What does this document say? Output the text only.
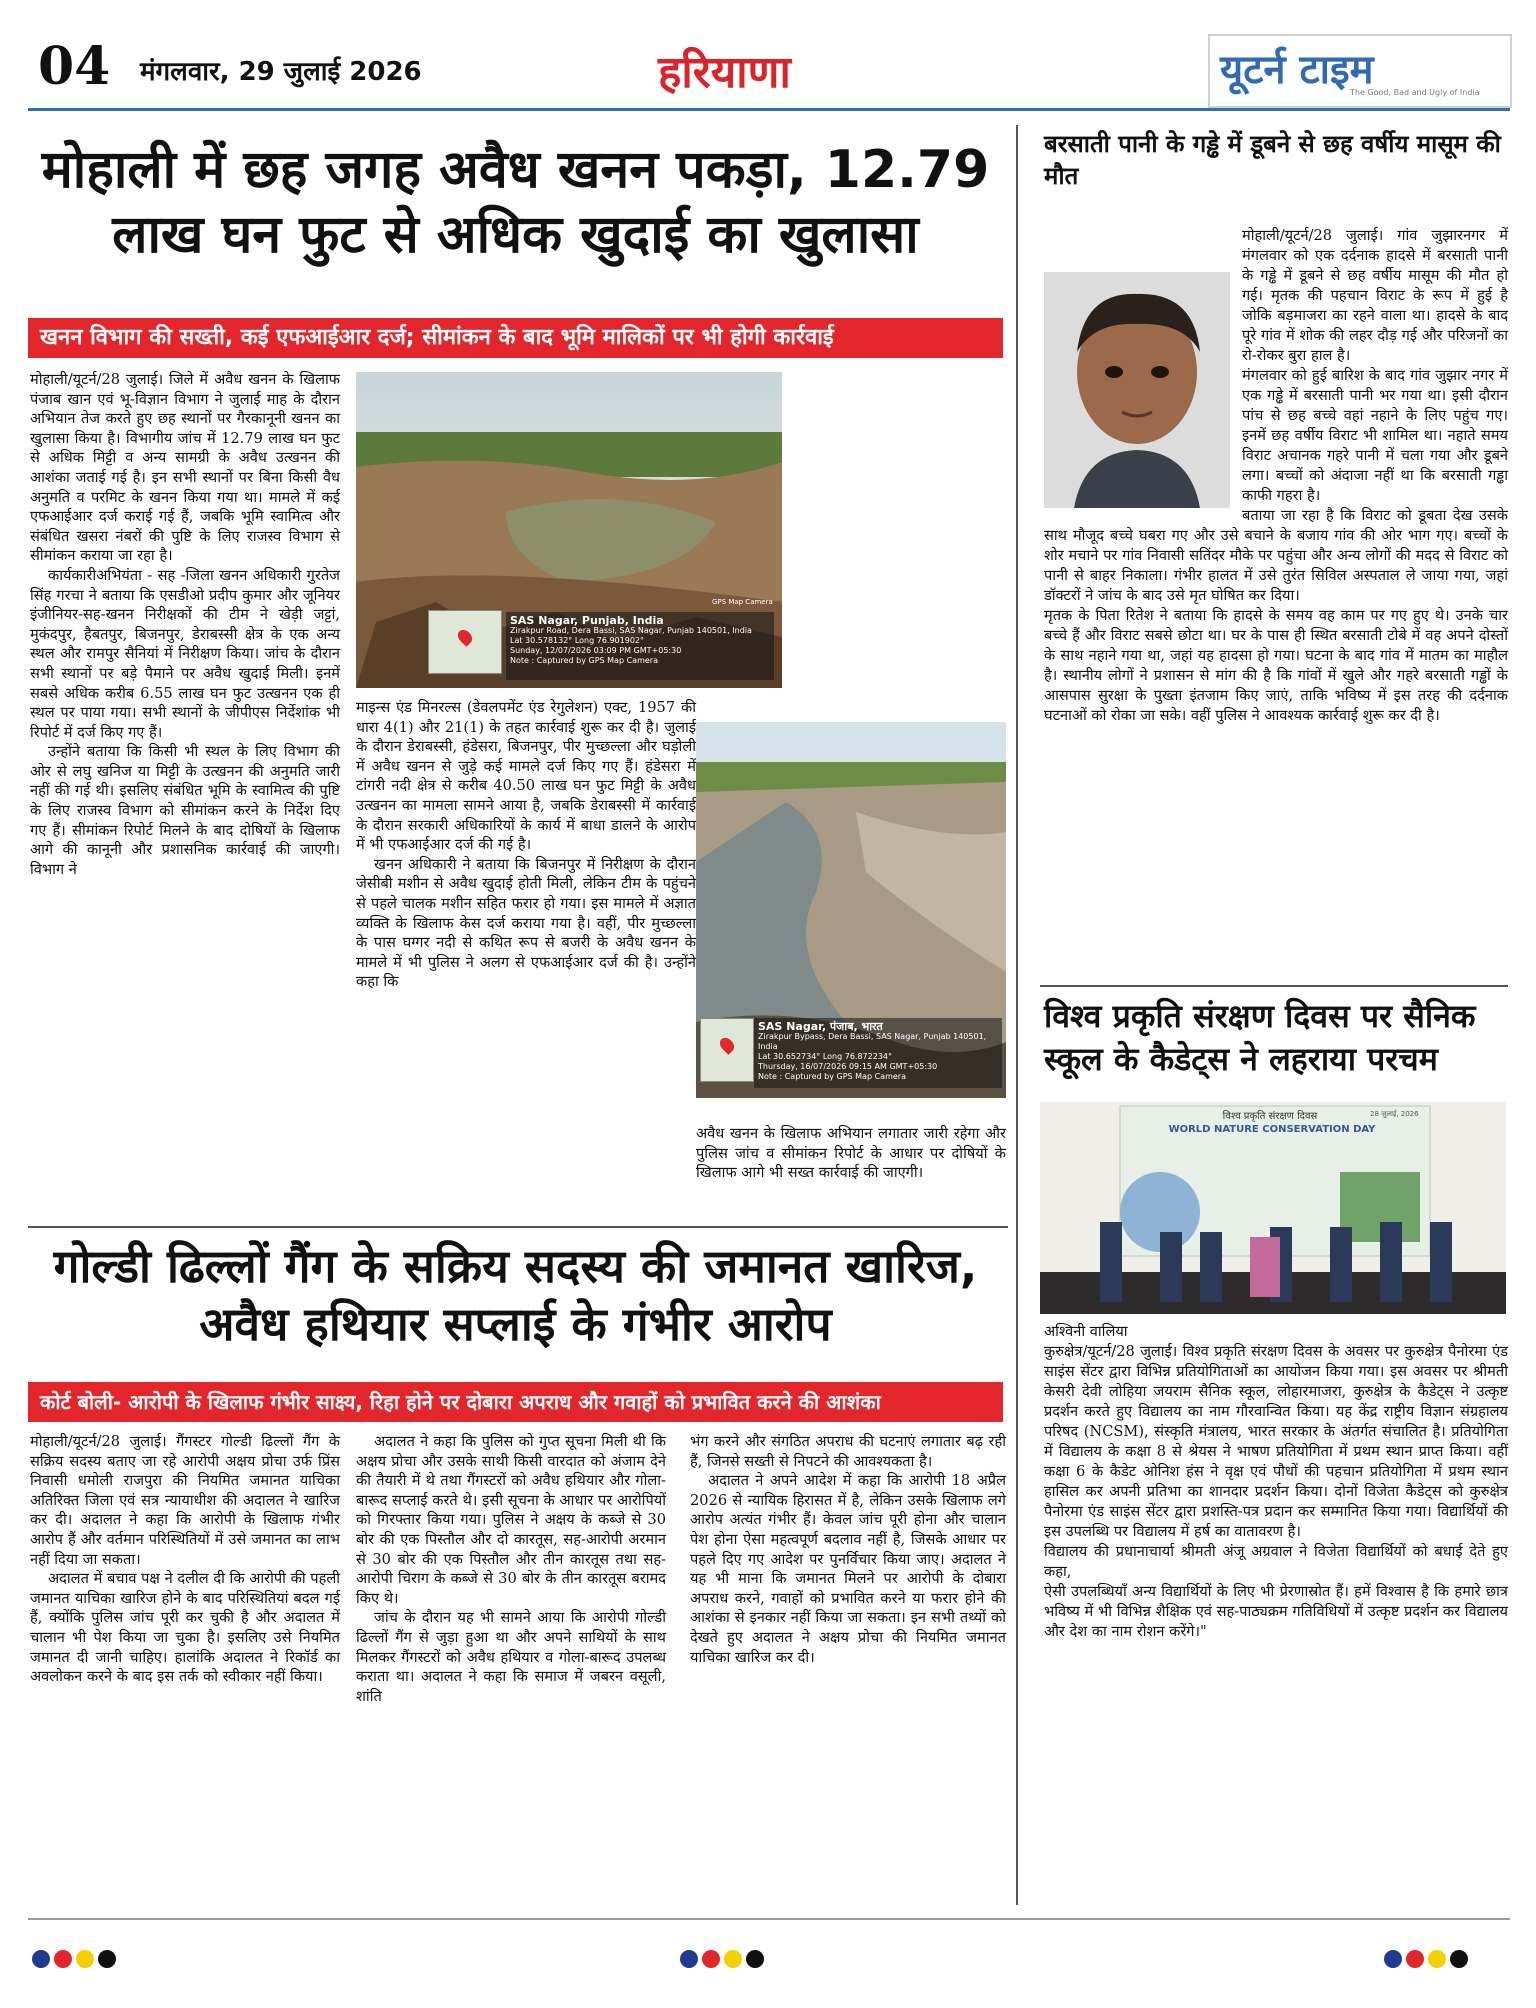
04 मंगलवार, 29 जुलाई 2026	हरियाणा	यूटर्न टाइम
The Good, Bad and Ugly of India
मोहाली में छह जगह अवैध खनन पकड़ा, 12.79 लाख घन फुट से अधिक खुदाई का खुलासा
खनन विभाग की सख्ती, कई एफआईआर दर्ज; सीमांकन के बाद भूमि मालिकों पर भी होगी कार्रवाई

मोहाली/यूटर्न/28 जुलाई। जिले में अवैध खनन के खिलाफ पंजाब खान एवं भू-विज्ञान विभाग ने जुलाई माह के दौरान अभियान तेज करते हुए छह स्थानों पर गैरकानूनी खनन का खुलासा किया है। विभागीय जांच में 12.79 लाख घन फुट से अधिक मिट्टी व अन्य सामग्री के अवैध उत्खनन की आशंका जताई गई है। इन सभी स्थानों पर बिना किसी वैध अनुमति व परमिट के खनन किया गया था। मामले में कई एफआईआर दर्ज कराई गई हैं, जबकि भूमि स्वामित्व और संबंधित खसरा नंबरों की पुष्टि के लिए राजस्व विभाग से सीमांकन कराया जा रहा है।

कार्यकारीअभियंता - सह -जिला खनन अधिकारी गुरतेज सिंह गरचा ने बताया कि एसडीओ प्रदीप कुमार और जूनियर इंजीनियर-सह-खनन निरीक्षकों की टीम ने खेड़ी जट्टां, मुकंदपुर, हैबतपुर, बिजनपुर, डेराबस्सी क्षेत्र के एक अन्य स्थल और रामपुर सैनियां में निरीक्षण किया। जांच के दौरान सभी स्थानों पर बड़े पैमाने पर अवैध खुदाई मिली। इनमें सबसे अधिक करीब 6.55 लाख घन फुट उत्खनन एक ही स्थल पर पाया गया। सभी स्थानों के जीपीएस निर्देशांक भी रिपोर्ट में दर्ज किए गए हैं।

उन्होंने बताया कि किसी भी स्थल के लिए विभाग की ओर से लघु खनिज या मिट्टी के उत्खनन की अनुमति जारी नहीं की गई थी। इसलिए संबंधित भूमि के स्वामित्व की पुष्टि के लिए राजस्व विभाग को सीमांकन करने के निर्देश दिए गए हैं। सीमांकन रिपोर्ट मिलने के बाद दोषियों के खिलाफ आगे की कानूनी और प्रशासनिक कार्रवाई की जाएगी। विभाग ने

SAS Nagar, Punjab, India
Zirakpur Road, Dera Bassi, SAS Nagar, Punjab 140501, India
Lat 30.578132° Long 76.901902°
Sunday, 12/07/2026 03:09 PM GMT+05:30
Note : Captured by GPS Map Camera
GPS Map Camera

माइन्स एंड मिनरल्स (डेवलपमेंट एंड रेगुलेशन) एक्ट, 1957 की धारा 4(1) और 21(1) के तहत कार्रवाई शुरू कर दी है। जुलाई के दौरान डेराबस्सी, हंडेसरा, बिजनपुर, पीर मुच्छल्ला और घड़ोली में अवैध खनन से जुड़े कई मामले दर्ज किए गए हैं। हंडेसरा में टांगरी नदी क्षेत्र से करीब 40.50 लाख घन फुट मिट्टी के अवैध उत्खनन का मामला सामने आया है, जबकि डेराबस्सी में कार्रवाई के दौरान सरकारी अधिकारियों के कार्य में बाधा डालने के आरोप में भी एफआईआर दर्ज की गई है।

खनन अधिकारी ने बताया कि बिजनपुर में निरीक्षण के दौरान जेसीबी मशीन से अवैध खुदाई होती मिली, लेकिन टीम के पहुंचने से पहले चालक मशीन सहित फरार हो गया। इस मामले में अज्ञात व्यक्ति के खिलाफ केस दर्ज कराया गया है। वहीं, पीर मुच्छल्ला के पास घग्गर नदी से कथित रूप से बजरी के अवैध खनन के मामले में भी पुलिस ने अलग से एफआईआर दर्ज की है। उन्होंने कहा कि

SAS Nagar, पंजाब, भारत
Zirakpur Bypass, Dera Bassi, SAS Nagar, Punjab 140501, India
Lat 30.652734° Long 76.872234°
Thursday, 16/07/2026 09:15 AM GMT+05:30
Note : Captured by GPS Map Camera

अवैध खनन के खिलाफ अभियान लगातार जारी रहेगा और पुलिस जांच व सीमांकन रिपोर्ट के आधार पर दोषियों के खिलाफ आगे भी सख्त कार्रवाई की जाएगी।

गोल्डी ढिल्लों गैंग के सक्रिय सदस्य की जमानत खारिज, अवैध हथियार सप्लाई के गंभीर आरोप
कोर्ट बोली- आरोपी के खिलाफ गंभीर साक्ष्य, रिहा होने पर दोबारा अपराध और गवाहों को प्रभावित करने की आशंका

मोहाली/यूटर्न/28 जुलाई। गैंगस्टर गोल्डी ढिल्लों गैंग के सक्रिय सदस्य बताए जा रहे आरोपी अक्षय प्रोचा उर्फ प्रिंस निवासी धमोली राजपुरा की नियमित जमानत याचिका अतिरिक्त जिला एवं सत्र न्यायाधीश की अदालत ने खारिज कर दी। अदालत ने कहा कि आरोपी के खिलाफ गंभीर आरोप हैं और वर्तमान परिस्थितियों में उसे जमानत का लाभ नहीं दिया जा सकता।

अदालत में बचाव पक्ष ने दलील दी कि आरोपी की पहली जमानत याचिका खारिज होने के बाद परिस्थितियां बदल गई हैं, क्योंकि पुलिस जांच पूरी कर चुकी है और अदालत में चालान भी पेश किया जा चुका है। इसलिए उसे नियमित जमानत दी जानी चाहिए। हालांकि अदालत ने रिकॉर्ड का अवलोकन करने के बाद इस तर्क को स्वीकार नहीं किया।

अदालत ने कहा कि पुलिस को गुप्त सूचना मिली थी कि अक्षय प्रोचा और उसके साथी किसी वारदात को अंजाम देने की तैयारी में थे तथा गैंगस्टरों को अवैध हथियार और गोला-बारूद सप्लाई करते थे। इसी सूचना के आधार पर आरोपियों को गिरफ्तार किया गया। पुलिस ने अक्षय के कब्जे से 30 बोर की एक पिस्तौल और दो कारतूस, सह-आरोपी अरमान से 30 बोर की एक पिस्तौल और तीन कारतूस तथा सह-आरोपी चिराग के कब्जे से 30 बोर के तीन कारतूस बरामद किए थे।

जांच के दौरान यह भी सामने आया कि आरोपी गोल्डी ढिल्लों गैंग से जुड़ा हुआ था और अपने साथियों के साथ मिलकर गैंगस्टरों को अवैध हथियार व गोला-बारूद उपलब्ध कराता था। अदालत ने कहा कि समाज में जबरन वसूली, शांति

भंग करने और संगठित अपराध की घटनाएं लगातार बढ़ रही हैं, जिनसे सख्ती से निपटने की आवश्यकता है।

अदालत ने अपने आदेश में कहा कि आरोपी 18 अप्रैल 2026 से न्यायिक हिरासत में है, लेकिन उसके खिलाफ लगे आरोप अत्यंत गंभीर हैं। केवल जांच पूरी होना और चालान पेश होना ऐसा महत्वपूर्ण बदलाव नहीं है, जिसके आधार पर पहले दिए गए आदेश पर पुनर्विचार किया जाए। अदालत ने यह भी माना कि जमानत मिलने पर आरोपी के दोबारा अपराध करने, गवाहों को प्रभावित करने या फरार होने की आशंका से इनकार नहीं किया जा सकता। इन सभी तथ्यों को देखते हुए अदालत ने अक्षय प्रोचा की नियमित जमानत याचिका खारिज कर दी।

बरसाती पानी के गड्ढे में डूबने से छह वर्षीय मासूम की मौत
मोहाली/यूटर्न/28 जुलाई। गांव जुझारनगर में मंगलवार को एक दर्दनाक हादसे में बरसाती पानी के गड्ढे में डूबने से छह वर्षीय मासूम की मौत हो गई। मृतक की पहचान विराट के रूप में हुई है जोकि बड़माजरा का रहने वाला था। हादसे के बाद पूरे गांव में शोक की लहर दौड़ गई और परिजनों का रो-रोकर बुरा हाल है।
मंगलवार को हुई बारिश के बाद गांव जुझार नगर में एक गड्ढे में बरसाती पानी भर गया था। इसी दौरान पांच से छह बच्चे वहां नहाने के लिए पहुंच गए। इनमें छह वर्षीय विराट भी शामिल था। नहाते समय विराट अचानक गहरे पानी में चला गया और डूबने लगा। बच्चों को अंदाजा नहीं था कि बरसाती गड्ढा काफी गहरा है।
बताया जा रहा है कि विराट को डूबता देख उसके साथ मौजूद बच्चे घबरा गए और उसे बचाने के बजाय गांव की ओर भाग गए। बच्चों के शोर मचाने पर गांव निवासी सतिंदर मौके पर पहुंचा और अन्य लोगों की मदद से विराट को पानी से बाहर निकाला। गंभीर हालत में उसे तुरंत सिविल अस्पताल ले जाया गया, जहां डॉक्टरों ने जांच के बाद उसे मृत घोषित कर दिया।
मृतक के पिता रितेश ने बताया कि हादसे के समय वह काम पर गए हुए थे। उनके चार बच्चे हैं और विराट सबसे छोटा था। घर के पास ही स्थित बरसाती टोबे में वह अपने दोस्तों के साथ नहाने गया था, जहां यह हादसा हो गया। घटना के बाद गांव में मातम का माहौल है। स्थानीय लोगों ने प्रशासन से मांग की है कि गांवों में खुले और गहरे बरसाती गड्ढों के आसपास सुरक्षा के पुख्ता इंतजाम किए जाएं, ताकि भविष्य में इस तरह की दर्दनाक घटनाओं को रोका जा सके। वहीं पुलिस ने आवश्यक कार्रवाई शुरू कर दी है।
विश्व प्रकृति संरक्षण दिवस पर सैनिक स्कूल के कैडेट्स ने लहराया परचम
विश्व प्रकृति संरक्षण दिवस
WORLD NATURE CONSERVATION DAY
28 जुलाई, 2026
अश्विनी वालिया
कुरुक्षेत्र/यूटर्न/28 जुलाई। विश्व प्रकृति संरक्षण दिवस के अवसर पर कुरुक्षेत्र पैनोरमा एंड साइंस सेंटर द्वारा विभिन्न प्रतियोगिताओं का आयोजन किया गया। इस अवसर पर श्रीमती केसरी देवी लोहिया जयराम सैनिक स्कूल, लोहारमाजरा, कुरुक्षेत्र के कैडेट्स ने उत्कृष्ट प्रदर्शन करते हुए विद्यालय का नाम गौरवान्वित किया। यह केंद्र राष्ट्रीय विज्ञान संग्रहालय परिषद (NCSM), संस्कृति मंत्रालय, भारत सरकार के अंतर्गत संचालित है। प्रतियोगिता में विद्यालय के कक्षा 8 से श्रेयस ने भाषण प्रतियोगिता में प्रथम स्थान प्राप्त किया। वहीं कक्षा 6 के कैडेट ओनिश हंस ने वृक्ष एवं पौधों की पहचान प्रतियोगिता में प्रथम स्थान हासिल कर अपनी प्रतिभा का शानदार प्रदर्शन किया। दोनों विजेता कैडेट्स को कुरुक्षेत्र पैनोरमा एंड साइंस सेंटर द्वारा प्रशस्ति-पत्र प्रदान कर सम्मानित किया गया। विद्यार्थियों की इस उपलब्धि पर विद्यालय में हर्ष का वातावरण है।
विद्यालय की प्रधानाचार्या श्रीमती अंजू अग्रवाल ने विजेता विद्यार्थियों को बधाई देते हुए कहा,
ऐसी उपलब्धियाँ अन्य विद्यार्थियों के लिए भी प्रेरणास्रोत हैं। हमें विश्वास है कि हमारे छात्र भविष्य में भी विभिन्न शैक्षिक एवं सह-पाठ्यक्रम गतिविधियों में उत्कृष्ट प्रदर्शन कर विद्यालय और देश का नाम रोशन करेंगे।"
